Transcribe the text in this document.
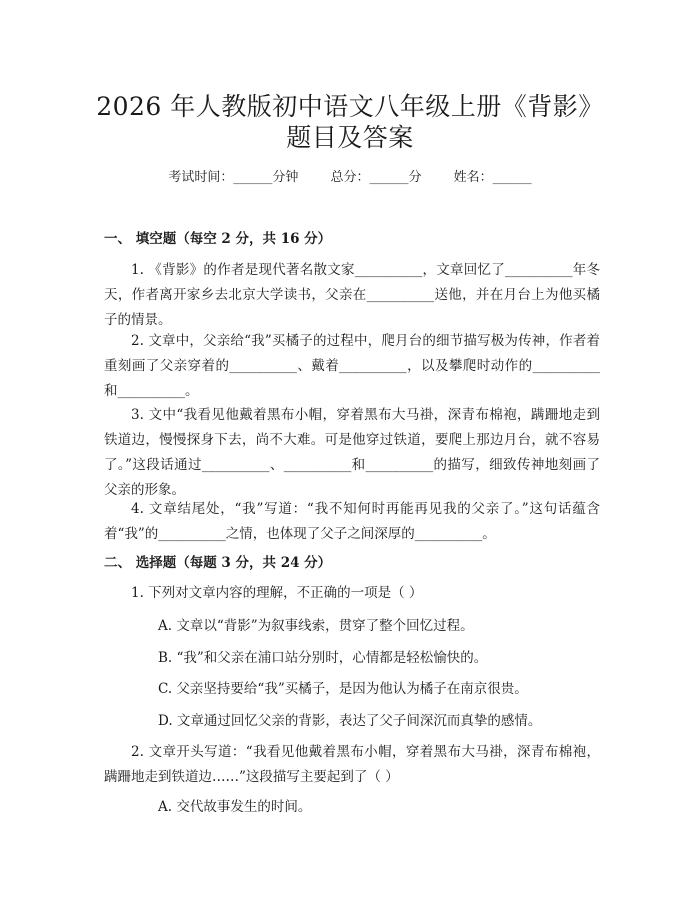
2026 年人教版初中语文八年级上册《背影》
题目及答案
考试时间：______分钟 总分：______分 姓名：______
一、 填空题（每空 2 分，共 16 分）
1. 《背影》的作者是现代著名散文家__________，文章回忆了__________年冬天，作者离开家乡去北京大学读书，父亲在__________送他，并在月台上为他买橘子的情景。
2. 文章中，父亲给“我”买橘子的过程中，爬月台的细节描写极为传神，作者着重刻画了父亲穿着的__________、戴着__________，以及攀爬时动作的__________和__________。
3. 文中“我看见他戴着黑布小帽，穿着黑布大马褂，深青布棉袍，蹒跚地走到铁道边，慢慢探身下去，尚不大难。可是他穿过铁道，要爬上那边月台，就不容易了。”这段话通过__________、__________和__________的描写，细致传神地刻画了父亲的形象。
4. 文章结尾处，“我”写道：“我不知何时再能再见我的父亲了。”这句话蕴含着“我”的__________之情，也体现了父子之间深厚的__________。
二、 选择题（每题 3 分，共 24 分）
1. 下列对文章内容的理解，不正确的一项是（ ）
A. 文章以“背影”为叙事线索，贯穿了整个回忆过程。
B. “我”和父亲在浦口站分别时，心情都是轻松愉快的。
C. 父亲坚持要给“我”买橘子，是因为他认为橘子在南京很贵。
D. 文章通过回忆父亲的背影，表达了父子间深沉而真挚的感情。
2. 文章开头写道：“我看见他戴着黑布小帽，穿着黑布大马褂，深青布棉袍，蹒跚地走到铁道边……”这段描写主要起到了（ ）
A. 交代故事发生的时间。
